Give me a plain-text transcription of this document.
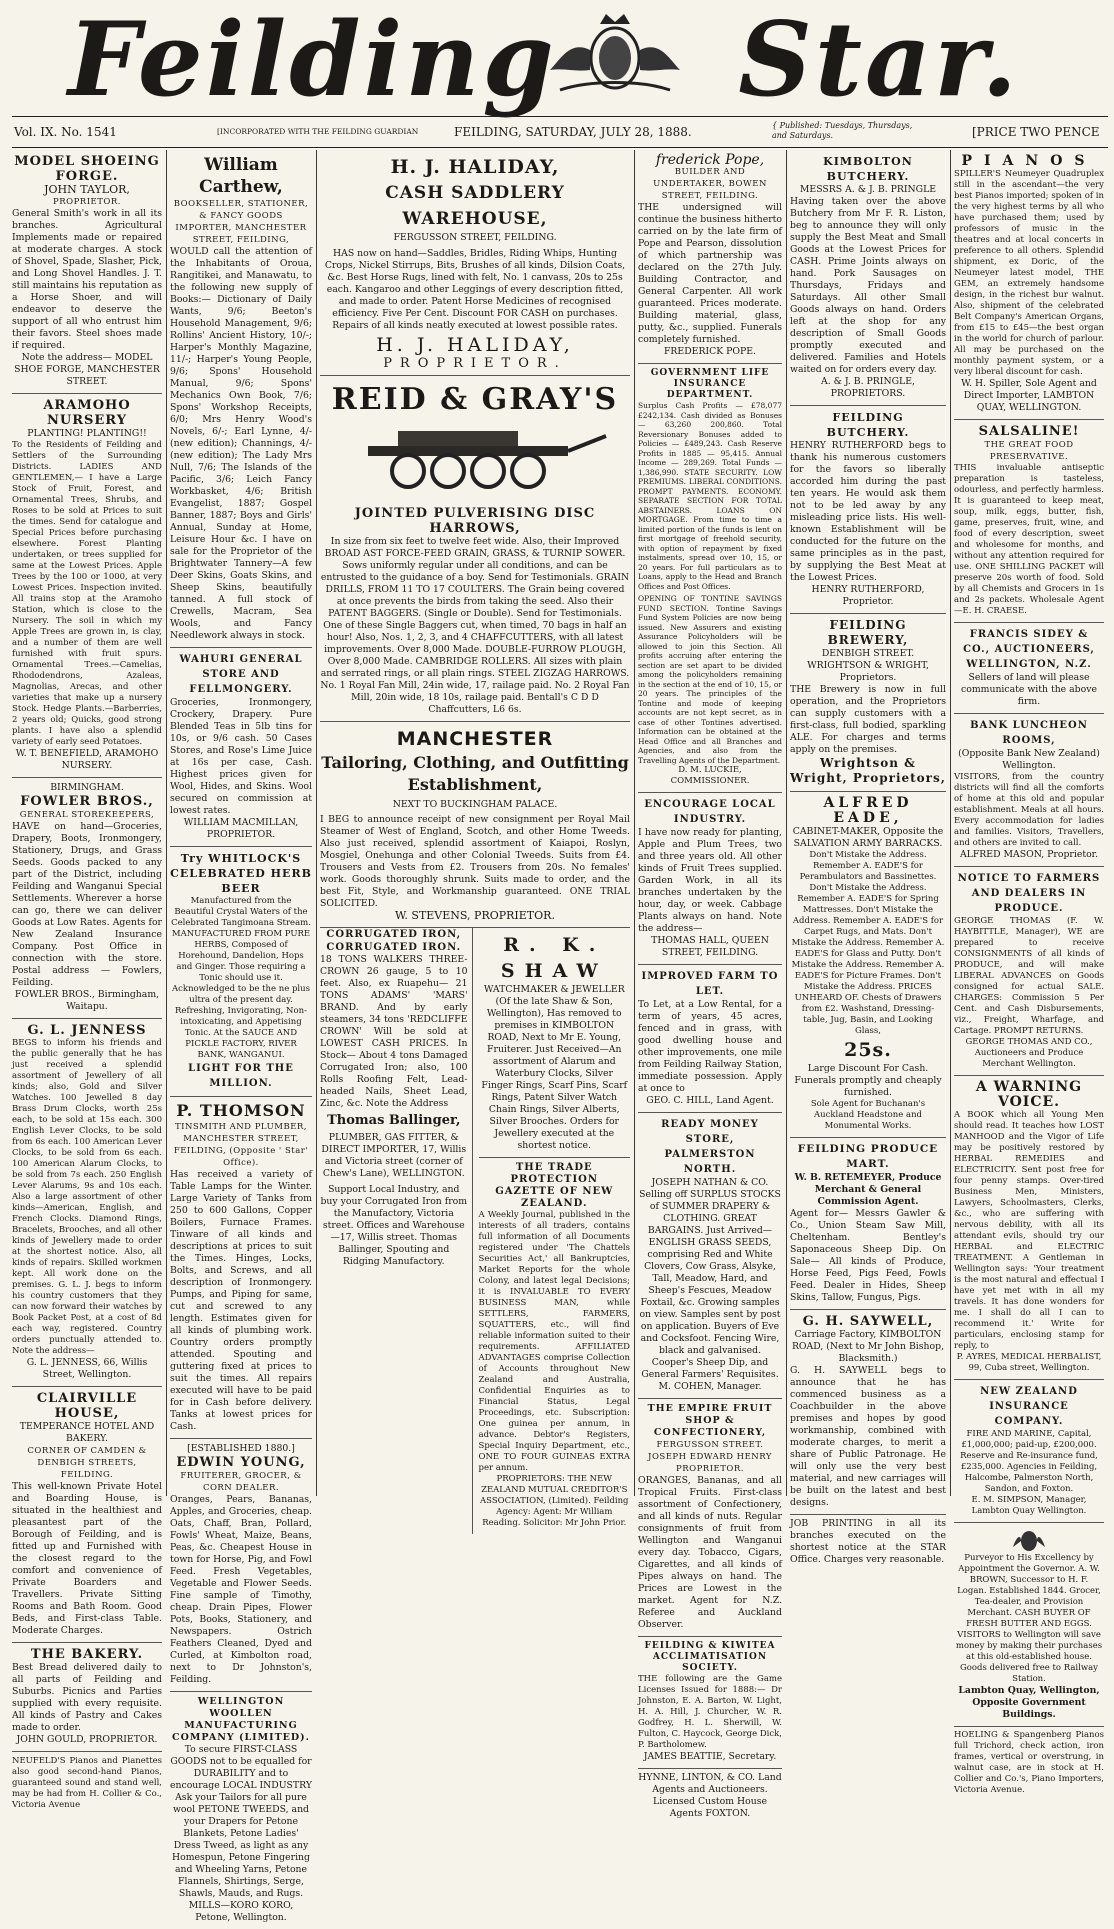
Feilding Star.
Vol. IX. No. 1541	[INCORPORATED WITH THE FEILDING GUARDIAN	FEILDING, SATURDAY, JULY 28, 1888.	{ Published: Tuesdays, Thursdays, and Saturdays.	[PRICE TWO PENCE
MODEL SHOEING FORGE.
JOHN TAYLOR,
PROPRIETOR.
General Smith's work in all its branches. Agricultural Implements made or repaired at moderate charges. A stock of Shovel, Spade, Slasher, Pick, and Long Shovel Handles. J. T. still maintains his reputation as a Horse Shoer, and will endeavor to deserve the support of all who entrust him their favors. Steel shoes made if required.
Note the address— MODEL SHOE FORGE, MANCHESTER STREET.
ARAMOHO NURSERY
PLANTING! PLANTING!!
To the Residents of Feilding and Settlers of the Surrounding Districts. LADIES AND GENTLEMEN,— I have a Large Stock of Fruit, Forest, and Ornamental Trees, Shrubs, and Roses to be sold at Prices to suit the times. Send for catalogue and Special Prices before purchasing elsewhere. Forest Planting undertaken, or trees supplied for same at the Lowest Prices. Apple Trees by the 100 or 1000, at very Lowest Prices. Inspection invited. All trains stop at the Aramoho Station, which is close to the Nursery. The soil in which my Apple Trees are grown in, is clay, and a number of them are well furnished with fruit spurs. Ornamental Trees.—Camelias, Rhododendrons, Azaleas, Magnolias, Arecas, and other varieties that make up a nursery Stock. Hedge Plants.—Barberries, 2 years old; Quicks, good strong plants. I have also a splendid variety of early seed Potatoes.
W. T. BENEFIELD, ARAMOHO NURSERY.
BIRMINGHAM.
FOWLER BROS.,
GENERAL STOREKEEPERS,
HAVE on hand—Groceries, Drapery, Boots, Ironmongery, Stationery, Drugs, and Grass Seeds. Goods packed to any part of the District, including Feilding and Wanganui Special Settlements. Wherever a horse can go, there we can deliver Goods at Low Rates. Agents for New Zealand Insurance Company. Post Office in connection with the store. Postal address — Fowlers, Feilding.
FOWLER BROS., Birmingham, Waitapu.
G. L. JENNESS
BEGS to inform his friends and the public generally that he has just received a splendid assortment of Jewellery of all kinds; also, Gold and Silver Watches. 100 Jewelled 8 day Brass Drum Clocks, worth 25s each, to be sold at 15s each. 300 English Lever Clocks, to be sold from 6s each. 100 American Lever Clocks, to be sold from 6s each. 100 American Alarum Clocks, to be sold from 7s each. 250 English Lever Alarums, 9s and 10s each. Also a large assortment of other kinds—American, English, and French Clocks. Diamond Rings, Bracelets, Brooches, and all other kinds of Jewellery made to order at the shortest notice. Also, all kinds of repairs. Skilled workmen kept. All work done on the premises. G. L. J. begs to inform his country customers that they can now forward their watches by Book Packet Post, at a cost of 8d each way, registered. Country orders punctually attended to. Note the address—
G. L. JENNESS, 66, Willis Street, Wellington.
CLAIRVILLE HOUSE,
TEMPERANCE HOTEL AND BAKERY.
CORNER OF CAMDEN & DENBIGH STREETS, FEILDING.
This well-known Private Hotel and Boarding House, is situated in the healthiest and pleasantest part of the Borough of Feilding, and is fitted up and Furnished with the closest regard to the comfort and convenience of Private Boarders and Travellers. Private Sitting Rooms and Bath Room. Good Beds, and First-class Table. Moderate Charges.
THE BAKERY.
Best Bread delivered daily to all parts of Feilding and Suburbs. Picnics and Parties supplied with every requisite. All kinds of Pastry and Cakes made to order.
JOHN GOULD, PROPRIETOR.
NEUFELD'S Pianos and Pianettes also good second-hand Pianos, guaranteed sound and stand well, may be had from H. Collier & Co., Victoria Avenue
William Carthew,
BOOKSELLER, STATIONER, & FANCY GOODS IMPORTER, MANCHESTER STREET, FEILDING,
WOULD call the attention of the Inhabitants of Oroua, Rangitikei, and Manawatu, to the following new supply of Books:— Dictionary of Daily Wants, 9/6; Beeton's Household Management, 9/6; Rollins' Ancient History, 10/-; Harper's Monthly Magazine, 11/-; Harper's Young People, 9/6; Spons' Household Manual, 9/6; Spons' Mechanics Own Book, 7/6; Spons' Workshop Receipts, 6/0; Mrs Henry Wood's Novels, 6/-; Earl Lynne, 4/- (new edition); Channings, 4/- (new edition); The Lady Mrs Null, 7/6; The Islands of the Pacific, 3/6; Leich Fancy Workbasket, 4/6; British Evangelist, 1887; Gospel Banner, 1887; Boys and Girls' Annual, Sunday at Home, Leisure Hour &c. I have on sale for the Proprietor of the Brightwater Tannery—A few Deer Skins, Goats Skins, and Sheep Skins, beautifully tanned. A full stock of Crewells, Macram, Sea Wools, and Fancy Needlework always in stock.
WAHURI GENERAL STORE AND FELLMONGERY.
Groceries, Ironmongery, Crockery, Drapery. Pure Blended Teas in 5lb tins for 10s, or 9/6 cash. 50 Cases Stores, and Rose's Lime Juice at 16s per case, Cash. Highest prices given for Wool, Hides, and Skins. Wool secured on commission at lowest rates.
WILLIAM MACMILLAN, PROPRIETOR.
Try WHITLOCK'S CELEBRATED HERB BEER
Manufactured from the Beautiful Crystal Waters of the Celebrated Tangimoana Stream. MANUFACTURED FROM PURE HERBS, Composed of Horehound, Dandelion, Hops and Ginger. Those requiring a Tonic should use it. Acknowledged to be the ne plus ultra of the present day. Refreshing, Invigorating, Non-intoxicating, and Appetising Tonic. At the SAUCE AND PICKLE FACTORY, RIVER BANK, WANGANUI.
LIGHT FOR THE MILLION.
P. THOMSON
TINSMITH AND PLUMBER, MANCHESTER STREET, FEILDING, (Opposite ' Star' Office).
Has received a variety of Table Lamps for the Winter. Large Variety of Tanks from 250 to 600 Gallons, Copper Boilers, Furnace Frames. Tinware of all kinds and descriptions at prices to suit the Times. Hinges, Locks, Bolts, and Screws, and all description of Ironmongery. Pumps, and Piping for same, cut and screwed to any length. Estimates given for all kinds of plumbing work. Country orders promptly attended. Spouting and guttering fixed at prices to suit the times. All repairs executed will have to be paid for in Cash before delivery. Tanks at lowest prices for Cash.
[ESTABLISHED 1880.]
EDWIN YOUNG,
FRUITERER, GROCER, & CORN DEALER.
Oranges, Pears, Bananas, Apples, and Groceries, cheap. Oats, Chaff, Bran, Pollard, Fowls' Wheat, Maize, Beans, Peas, &c. Cheapest House in town for Horse, Pig, and Fowl Feed. Fresh Vegetables, Vegetable and Flower Seeds. Fine sample of Timothy, cheap. Drain Pipes, Flower Pots, Books, Stationery, and Newspapers. Ostrich Feathers Cleaned, Dyed and Curled, at Kimbolton road, next to Dr Johnston's, Feilding.
WELLINGTON WOOLLEN MANUFACTURING COMPANY (LIMITED).
To secure FIRST-CLASS GOODS not to be equalled for DURABILITY and to encourage LOCAL INDUSTRY Ask your Tailors for all pure wool PETONE TWEEDS, and your Drapers for Petone Blankets, Petone Ladies' Dress Tweed, as light as any Homespun, Petone Fingering and Wheeling Yarns, Petone Flannels, Shirtings, Serge, Shawls, Mauds, and Rugs.
MILLS—KORO KORO, Petone, Wellington.
H. J. HALIDAY,
CASH SADDLERY WAREHOUSE,
FERGUSSON STREET, FEILDING.
HAS now on hand—Saddles, Bridles, Riding Whips, Hunting Crops, Nickel Stirrups, Bits, Brushes of all kinds, Dilsion Coats, &c. Best Horse Rugs, lined with felt, No. 1 canvass, 20s to 25s each. Kangaroo and other Leggings of every description fitted, and made to order. Patent Horse Medicines of recognised efficiency. Five Per Cent. Discount FOR CASH on purchases. Repairs of all kinds neatly executed at lowest possible rates.
H. J. HALIDAY,
PROPRIETOR.
REID & GRAY'S
JOINTED PULVERISING DISC HARROWS,
In size from six feet to twelve feet wide. Also, their Improved BROAD AST FORCE-FEED GRAIN, GRASS, & TURNIP SOWER. Sows uniformly regular under all conditions, and can be entrusted to the guidance of a boy. Send for Testimonials. GRAIN DRILLS, FROM 11 TO 17 COULTERS. The Grain being covered at once prevents the birds from taking the seed. Also their PATENT BAGGERS. (Single or Double). Send for Testimonials. One of these Single Baggers cut, when timed, 70 bags in half an hour! Also, Nos. 1, 2, 3, and 4 CHAFFCUTTERS, with all latest improvements. Over 8,000 Made. DOUBLE-FURROW PLOUGH, Over 8,000 Made. CAMBRIDGE ROLLERS. All sizes with plain and serrated rings, or all plain rings. STEEL ZIGZAG HARROWS. No. 1 Royal Fan Mill, 24in wide, 17, railage paid. No. 2 Royal Fan Mill, 20in wide, 18 10s, railage paid. Bentall's C D D Chaffcutters, L6 6s.
MANCHESTER
Tailoring, Clothing, and Outfitting Establishment,
NEXT TO BUCKINGHAM PALACE.
I BEG to announce receipt of new consignment per Royal Mail Steamer of West of England, Scotch, and other Home Tweeds. Also just received, splendid assortment of Kaiapoi, Roslyn, Mosgiel, Onehunga and other Colonial Tweeds. Suits from £4. Trousers and Vests from £2. Trousers from 20s. No females' work. Goods thoroughly shrunk. Suits made to order, and the best Fit, Style, and Workmanship guaranteed. ONE TRIAL SOLICITED.
W. STEVENS, PROPRIETOR.
CORRUGATED IRON, CORRUGATED IRON.
18 TONS WALKERS THREE-CROWN 26 gauge, 5 to 10 feet. Also, ex Ruapehu— 21 TONS ADAMS' 'MARS' BRAND. And by early steamers, 34 tons 'REDCLIFFE CROWN' Will be sold at LOWEST CASH PRICES. In Stock— About 4 tons Damaged Corrugated Iron; also, 100 Rolls Roofing Felt, Lead-headed Nails, Sheet Lead, Zinc, &c. Note the Address
Thomas Ballinger,
PLUMBER, GAS FITTER, & DIRECT IMPORTER, 17, Willis and Victoria street (corner of Chew's Lane), WELLINGTON.
Support Local Industry, and buy your Corrugated Iron from the Manufactory, Victoria street. Offices and Warehouse—17, Willis street. Thomas Ballinger, Spouting and Ridging Manufactory.
R. K. SHAW
WATCHMAKER & JEWELLER (Of the late Shaw & Son, Wellington), Has removed to premises in KIMBOLTON ROAD, Next to Mr E. Young, Fruiterer. Just Received—An assortment of Alarum and Waterbury Clocks, Silver Finger Rings, Scarf Pins, Scarf Rings, Patent Silver Watch Chain Rings, Silver Alberts, Silver Brooches. Orders for Jewellery executed at the shortest notice.
THE TRADE PROTECTION GAZETTE OF NEW ZEALAND.
A Weekly Journal, published in the interests of all traders, contains full information of all Documents registered under 'The Chattels Securities Act,' all Bankruptcies, Market Reports for the whole Colony, and latest legal Decisions; it is INVALUABLE TO EVERY BUSINESS MAN, while SETTLERS, FARMERS, SQUATTERS, etc., will find reliable information suited to their requirements. AFFILIATED ADVANTAGES comprise Collection of Accounts throughout New Zealand and Australia, Confidential Enquiries as to Financial Status, Legal Proceedings, etc. Subscription: One guinea per annum, in advance. Debtor's Registers, Special Inquiry Department, etc., ONE TO FOUR GUINEAS EXTRA per annum.
PROPRIETORS: THE NEW ZEALAND MUTUAL CREDITOR'S ASSOCIATION, (Limited). Feilding Agency: Agent: Mr William Reading. Solicitor: Mr John Prior.
frederick Pope,
BUILDER AND UNDERTAKER, BOWEN STREET, FEILDING.
THE undersigned will continue the business hitherto carried on by the late firm of Pope and Pearson, dissolution of which partnership was declared on the 27th July. Building Contractor, and General Carpenter. All work guaranteed. Prices moderate. Building material, glass, putty, &c., supplied. Funerals completely furnished.
FREDERICK POPE.
GOVERNMENT LIFE INSURANCE DEPARTMENT.
Surplus Cash Profits — £78,077 £242,134. Cash divided as Bonuses — 63,260 200,860. Total Reversionary Bonuses added to Policies — £489,243. Cash Reserve Profits in 1885 — 95,415. Annual Income — 289,269. Total Funds — 1,386,990. STATE SECURITY. LOW PREMIUMS. LIBERAL CONDITIONS. PROMPT PAYMENTS. ECONOMY. SEPARATE SECTION FOR TOTAL ABSTAINERS. LOANS ON MORTGAGE. From time to time a limited portion of the funds is lent on first mortgage of freehold security, with option of repayment by fixed instalments, spread over 10, 15, or 20 years. For full particulars as to Loans, apply to the Head and Branch Offices and Post Offices.
OPENING OF TONTINE SAVINGS FUND SECTION. Tontine Savings Fund System Policies are now being issued. New Assurers and existing Assurance Policyholders will be allowed to join this Section. All profits accruing after entering the section are set apart to be divided among the policyholders remaining in the section at the end of 10, 15, or 20 years. The principles of the Tontine and mode of keeping accounts are not kept secret, as in case of other Tontines advertised. Information can be obtained at the Head Office and all Branches and Agencies, and also from the Travelling Agents of the Department.
D. M. LUCKIE, COMMISSIONER.
ENCOURAGE LOCAL INDUSTRY.
I have now ready for planting, Apple and Plum Trees, two and three years old. All other kinds of Fruit Trees supplied. Garden Work, in all its branches undertaken by the hour, day, or week. Cabbage Plants always on hand. Note the address—
THOMAS HALL, QUEEN STREET, FEILDING.
IMPROVED FARM TO LET.
To Let, at a Low Rental, for a term of years, 45 acres, fenced and in grass, with good dwelling house and other improvements, one mile from Feilding Railway Station, immediate possession. Apply at once to
GEO. C. HILL, Land Agent.
READY MONEY STORE, PALMERSTON NORTH.
JOSEPH NATHAN & CO. Selling off SURPLUS STOCKS of SUMMER DRAPERY & CLOTHING. GREAT BARGAINS. Just Arrived— ENGLISH GRASS SEEDS, comprising Red and White Clovers, Cow Grass, Alsyke, Tall, Meadow, Hard, and Sheep's Fescues, Meadow Foxtail, &c. Growing samples on view. Samples sent by post on application. Buyers of Eve and Cocksfoot. Fencing Wire, black and galvanised. Cooper's Sheep Dip, and General Farmers' Requisites.
M. COHEN, Manager.
THE EMPIRE FRUIT SHOP & CONFECTIONERY,
FERGUSSON STREET. JOSEPH EDWARD HENRY PROPRIETOR.
ORANGES, Bananas, and all Tropical Fruits. First-class assortment of Confectionery, and all kinds of nuts. Regular consignments of fruit from Wellington and Wanganui every day. Tobacco, Cigars, Cigarettes, and all kinds of Pipes always on hand. The Prices are Lowest in the market. Agent for N.Z. Referee and Auckland Observer.
FEILDING & KIWITEA ACCLIMATISATION SOCIETY.
THE following are the Game Licenses Issued for 1888:— Dr Johnston, E. A. Barton, W. Light, H. A. Hill, J. Churcher, W. R. Godfrey, H. L. Sherwill, W. Fulton, C. Haycock, George Dick, P. Bartholomew.
JAMES BEATTIE, Secretary.
HYNNE, LINTON, & CO. Land Agents and Auctioneers. Licensed Custom House Agents FOXTON.
KIMBOLTON BUTCHERY.
MESSRS A. & J. B. PRINGLE
Having taken over the above Butchery from Mr F. R. Liston, beg to announce they will only supply the Best Meat and Small Goods at the Lowest Prices for CASH. Prime Joints always on hand. Pork Sausages on Thursdays, Fridays and Saturdays. All other Small Goods always on hand. Orders left at the shop for any description of Small Goods promptly executed and delivered. Families and Hotels waited on for orders every day.
A. & J. B. PRINGLE, PROPRIETORS.
FEILDING BUTCHERY.
HENRY RUTHERFORD begs to thank his numerous customers for the favors so liberally accorded him during the past ten years. He would ask them not to be led away by any misleading price lists. His well-known Establishment will be conducted for the future on the same principles as in the past, by supplying the Best Meat at the Lowest Prices.
HENRY RUTHERFORD, Proprietor.
FEILDING BREWERY,
DENBIGH STREET. WRIGHTSON & WRIGHT, Proprietors.
THE Brewery is now in full operation, and the Proprietors can supply customers with a first-class, full bodied, sparkling ALE. For charges and terms apply on the premises.
Wrightson & Wright, Proprietors,
ALFRED EADE,
CABINET-MAKER, Opposite the SALVATION ARMY BARRACKS.
Don't Mistake the Address. Remember A. EADE'S for Perambulators and Bassinettes. Don't Mistake the Address. Remember A. EADE'S for Spring Mattresses. Don't Mistake the Address. Remember A. EADE'S for Carpet Rugs, and Mats. Don't Mistake the Address. Remember A. EADE'S for Glass and Putty. Don't Mistake the Address. Remember A. EADE'S for Picture Frames. Don't Mistake the Address. PRICES UNHEARD OF. Chests of Drawers from £2. Washstand, Dressing-table, Jug, Basin, and Looking Glass,
25s.
Large Discount For Cash. Funerals promptly and cheaply furnished.
Sole Agent for Buchanan's Auckland Headstone and Monumental Works.
FEILDING PRODUCE MART.
W. B. RETEMEYER, Produce Merchant & General Commission Agent.
Agent for— Messrs Gawler & Co., Union Steam Saw Mill, Cheltenham. Bentley's Saponaceous Sheep Dip. On Sale— All kinds of Produce, Horse Feed, Pigs Feed, Fowls Feed. Dealer in Hides, Sheep Skins, Tallow, Fungus, Pigs.
G. H. SAYWELL,
Carriage Factory, KIMBOLTON ROAD, (Next to Mr John Bishop, Blacksmith.)
G. H. SAYWELL begs to announce that he has commenced business as a Coachbuilder in the above premises and hopes by good workmanship, combined with moderate charges, to merit a share of Public Patronage. He will only use the very best material, and new carriages will be built on the latest and best designs.
JOB PRINTING in all its branches executed on the shortest notice at the STAR Office. Charges very reasonable.
PIANOS
SPILLER'S Neumeyer Quadruplex still in the ascendant—the very best Pianos imported; spoken of in the very highest terms by all who have purchased them; used by professors of music in the theatres and at local concerts in preference to all others. Splendid shipment, ex Doric, of the Neumeyer latest model, THE GEM, an extremely handsome design, in the richest bur walnut. Also, shipment of the celebrated Belt Company's American Organs, from £15 to £45—the best organ in the world for church of parlour. All may be purchased on the monthly payment system, or a very liberal discount for cash.
W. H. Spiller, Sole Agent and Direct Importer, LAMBTON QUAY, WELLINGTON.
SALSALINE!
THE GREAT FOOD PRESERVATIVE.
THIS invaluable antiseptic preparation is tasteless, odourless, and perfectly harmless. It is guaranteed to keep meat, soup, milk, eggs, butter, fish, game, preserves, fruit, wine, and food of every description, sweet and wholesome for months, and without any attention required for use. ONE SHILLING PACKET will preserve 20s worth of food. Sold by all Chemists and Grocers in 1s and 2s packets. Wholesale Agent—E. H. CRAESE.
FRANCIS SIDEY & CO., AUCTIONEERS, WELLINGTON, N.Z.
Sellers of land will please communicate with the above firm.
BANK LUNCHEON ROOMS,
(Opposite Bank New Zealand) Wellington.
VISITORS, from the country districts will find all the comforts of home at this old and popular establishment. Meals at all hours. Every accommodation for ladies and families. Visitors, Travellers, and others are invited to call.
ALFRED MASON, Proprietor.
NOTICE TO FARMERS AND DEALERS IN PRODUCE.
GEORGE THOMAS (F. W. HAYBITTLE, Manager), WE are prepared to receive CONSIGNMENTS of all kinds of PRODUCE, and will make LIBERAL ADVANCES on Goods consigned for actual SALE. CHARGES: Commission 5 Per Cent. and Cash Disbursements, viz., Freight, Wharfage, and Cartage. PROMPT RETURNS.
GEORGE THOMAS AND CO., Auctioneers and Produce Merchant Wellington.
A WARNING VOICE.
A BOOK which all Young Men should read. It teaches how LOST MANHOOD and the Vigor of Life may be positively restored by HERBAL REMEDIES and ELECTRICITY. Sent post free for four penny stamps. Over-tired Business Men, Ministers, Lawyers, Schoolmasters, Clerks, &c., who are suffering with nervous debility, with all its attendant evils, should try our HERBAL and ELECTRIC TREATMENT. A Gentleman in Wellington says: 'Your treatment is the most natural and effectual I have yet met with in all my travels. It has done wonders for me. I shall do all I can to recommend it.' Write for particulars, enclosing stamp for reply, to
P. AYRES, MEDICAL HERBALIST, 99, Cuba street, Wellington.
NEW ZEALAND INSURANCE COMPANY.
FIRE AND MARINE, Capital, £1,000,000; paid-up, £200,000. Reserve and Re-insurance fund, £235,000. Agencies in Feilding, Halcombe, Palmerston North, Sandon, and Foxton.
E. M. SIMPSON, Manager, Lambton Quay Wellington.
Purveyor to His Excellency by Appointment the Governor. A. W. BROWN, Successor to H. F. Logan. Established 1844. Grocer, Tea-dealer, and Provision Merchant. CASH BUYER OF FRESH BUTTER AND EGGS.
VISITORS to Wellington will save money by making their purchases at this old-established house. Goods delivered free to Railway Station.
Lambton Quay, Wellington, Opposite Government Buildings.
HOELING & Spangenberg Pianos full Trichord, check action, iron frames, vertical or overstrung, in walnut case, are in stock at H. Collier and Co.'s, Piano Importers, Victoria Avenue.
